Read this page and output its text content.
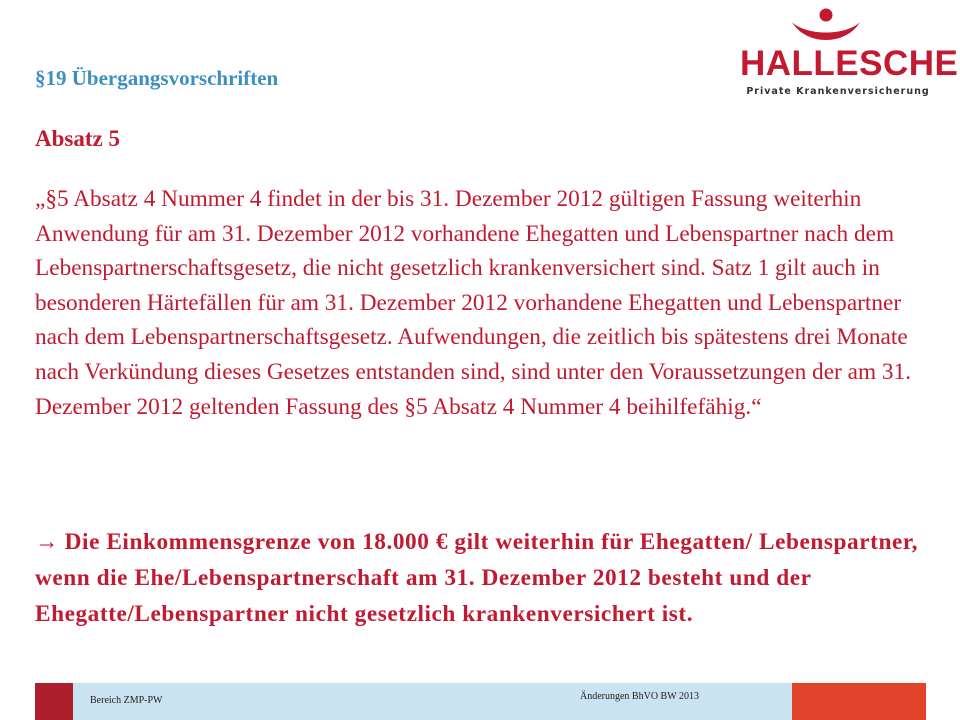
HALLESCHE
Private Krankenversicherung
§19 Übergangsvorschriften
Absatz 5

„§5 Absatz 4 Nummer 4 findet in der bis 31. Dezember 2012 gültigen Fassung weiterhin Anwendung für am 31. Dezember 2012 vorhandene Ehegatten und Lebenspartner nach dem Lebenspartnerschaftsgesetz, die nicht gesetzlich krankenversichert sind. Satz 1 gilt auch in besonderen Härtefällen für am 31. Dezember 2012 vorhandene Ehegatten und Lebenspartner nach dem Lebenspartnerschaftsgesetz. Aufwendungen, die zeitlich bis spätestens drei Monate nach Verkündung dieses Gesetzes entstanden sind, sind unter den Voraussetzungen der am 31. Dezember 2012 geltenden Fassung des §5 Absatz 4 Nummer 4 beihilfefähig.“

→ Die Einkommensgrenze von 18.000 € gilt weiterhin für Ehegatten/ Lebenspartner, wenn die Ehe/Lebenspartnerschaft am 31. Dezember 2012 besteht und der Ehegatte/Lebenspartner nicht gesetzlich krankenversichert ist.

Bereich ZMP-PW	Änderungen BhVO BW 2013
